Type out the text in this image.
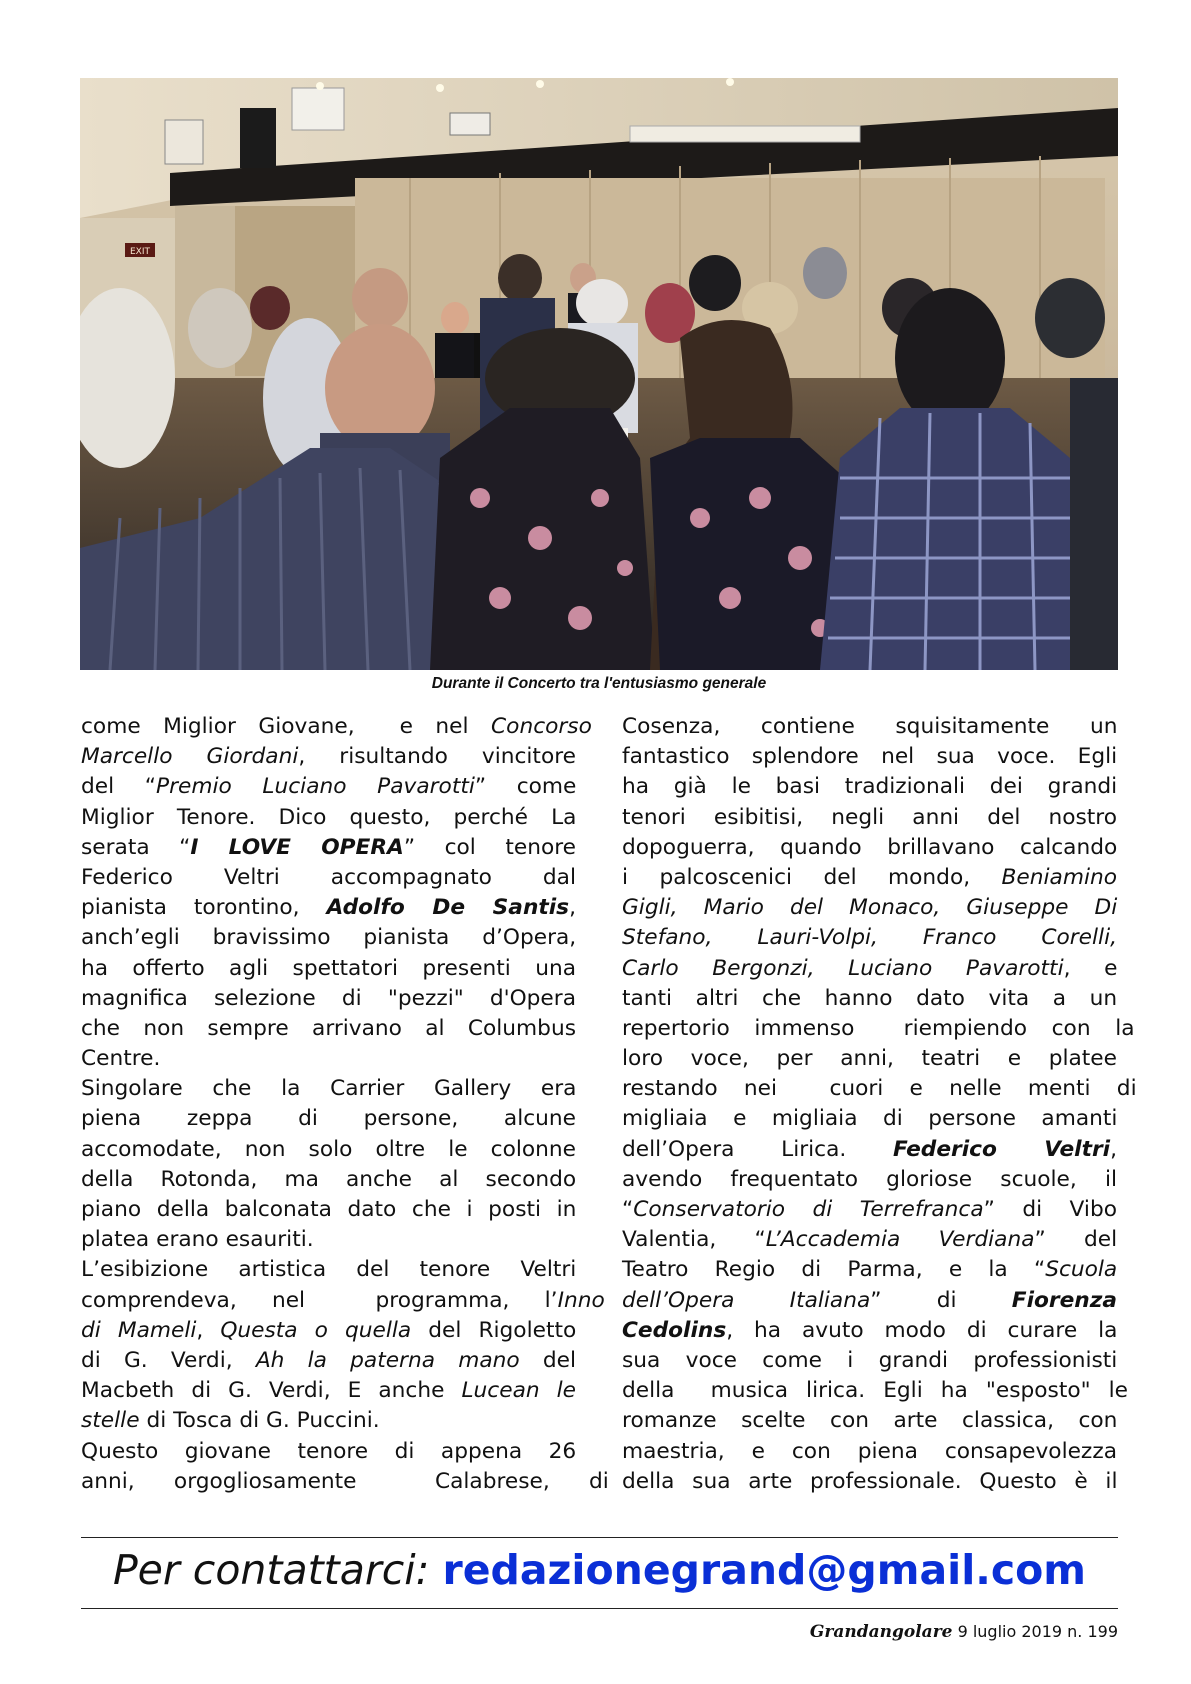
EXIT
Durante il Concerto tra l'entusiasmo generale
come Miglior Giovane,  e nel Concorso
Marcello Giordani, risultando vincitore
del “Premio Luciano Pavarotti” come
Miglior Tenore. Dico questo, perché La
serata “I LOVE OPERA” col tenore
Federico Veltri accompagnato dal
pianista torontino, Adolfo De Santis,
anch’egli bravissimo pianista d’Opera,
ha offerto agli spettatori presenti una
magnifica selezione di "pezzi" d'Opera
che non sempre arrivano al Columbus
Centre.
Singolare che la Carrier Gallery era
piena zeppa di persone, alcune
accomodate, non solo oltre le colonne
della Rotonda, ma anche al secondo
piano della balconata dato che i posti in
platea erano esauriti.
L’esibizione artistica del tenore Veltri
comprendeva, nel  programma, l’Inno
di Mameli, Questa o quella del Rigoletto
di G. Verdi, Ah la paterna mano del
Macbeth di G. Verdi, E anche Lucean le
stelle di Tosca di G. Puccini.
Questo giovane tenore di appena 26
anni, orgogliosamente  Calabrese, di
Cosenza, contiene squisitamente un
fantastico splendore nel sua voce. Egli
ha già le basi tradizionali dei grandi
tenori esibitisi, negli anni del nostro
dopoguerra, quando brillavano calcando
i palcoscenici del mondo, Beniamino
Gigli, Mario del Monaco, Giuseppe Di
Stefano, Lauri-Volpi, Franco Corelli,
Carlo Bergonzi, Luciano Pavarotti, e
tanti altri che hanno dato vita a un
repertorio immenso  riempiendo con la
loro voce, per anni, teatri e platee
restando nei  cuori e nelle menti di
migliaia e migliaia di persone amanti
dell’Opera Lirica. Federico Veltri,
avendo frequentato gloriose scuole, il
“Conservatorio di Terrefranca” di Vibo
Valentia, “L’Accademia Verdiana” del
Teatro Regio di Parma, e la “Scuola
dell’Opera Italiana” di Fiorenza
Cedolins, ha avuto modo di curare la
sua voce come i grandi professionisti
della  musica lirica. Egli ha "esposto" le
romanze scelte con arte classica, con
maestria, e con piena consapevolezza
della sua arte professionale. Questo è il
Per contattarci: redazionegrand@gmail.com
Grandangolare 9 luglio 2019 n. 199
